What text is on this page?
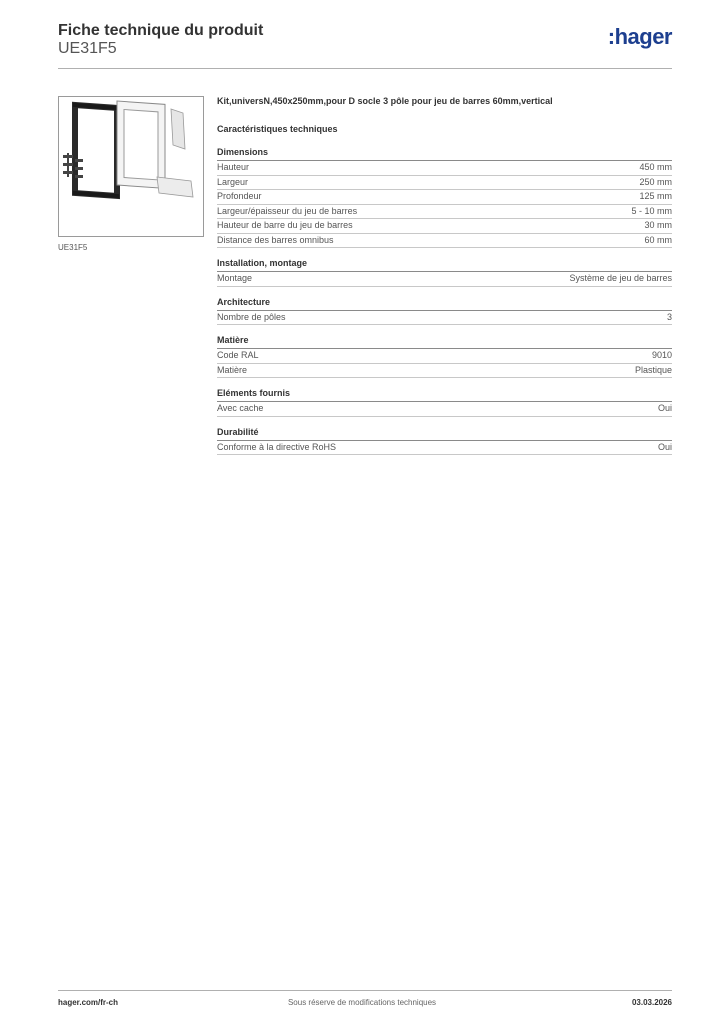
Fiche technique du produit
UE31F5	:hager
UE31F5
Kit,universN,450x250mm,pour D socle 3 pôle pour jeu de barres 60mm,vertical
Caractéristiques techniques
Dimensions
Hauteur	450 mm
Largeur	250 mm
Profondeur	125 mm
Largeur/épaisseur du jeu de barres	5 - 10 mm
Hauteur de barre du jeu de barres	30 mm
Distance des barres omnibus	60 mm
Installation, montage
Montage	Système de jeu de barres
Architecture
Nombre de pôles	3
Matière
Code RAL	9010
Matière	Plastique
Eléments fournis
Avec cache	Oui
Durabilité
Conforme à la directive RoHS	Oui
Sous réserve de modifications techniques
hager.com/fr-ch	03.03.2026
